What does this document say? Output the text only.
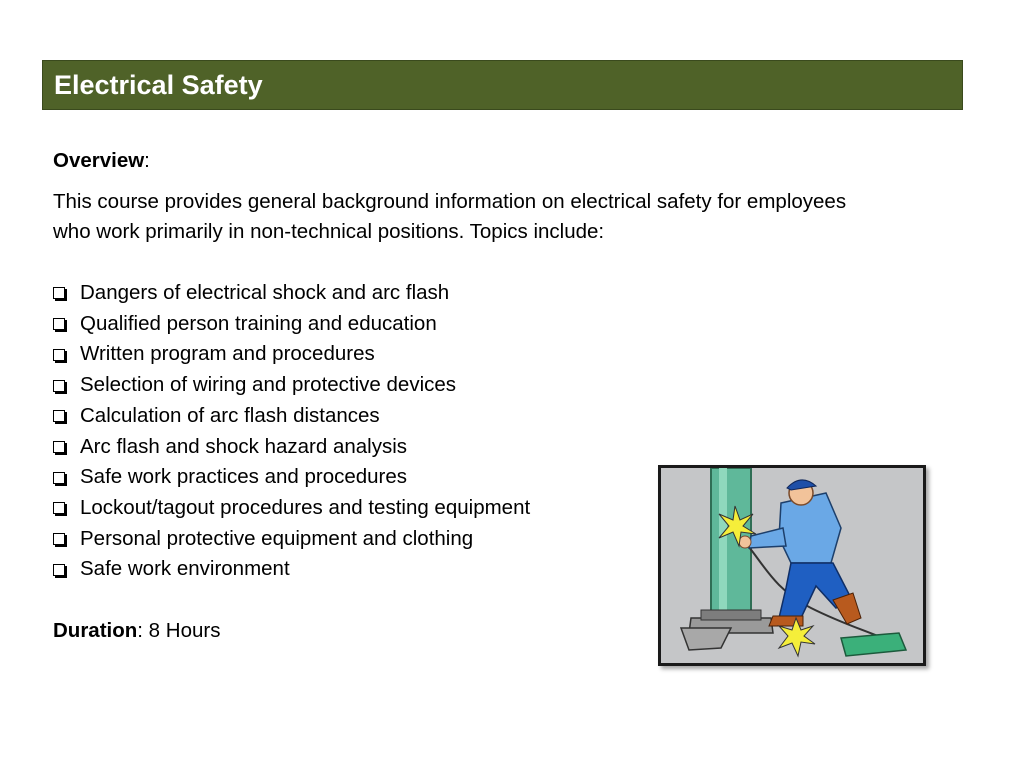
Electrical Safety

Overview:

This course provides general background information on electrical safety for employees who work primarily in non-technical positions. Topics include:

Dangers of electrical shock and arc flash
Qualified person training and education
Written program and procedures
Selection of wiring and protective devices
Calculation of arc flash distances
Arc flash and shock hazard analysis
Safe work practices and procedures
Lockout/tagout procedures and testing equipment
Personal protective equipment and clothing
Safe work environment

Duration: 8 Hours
